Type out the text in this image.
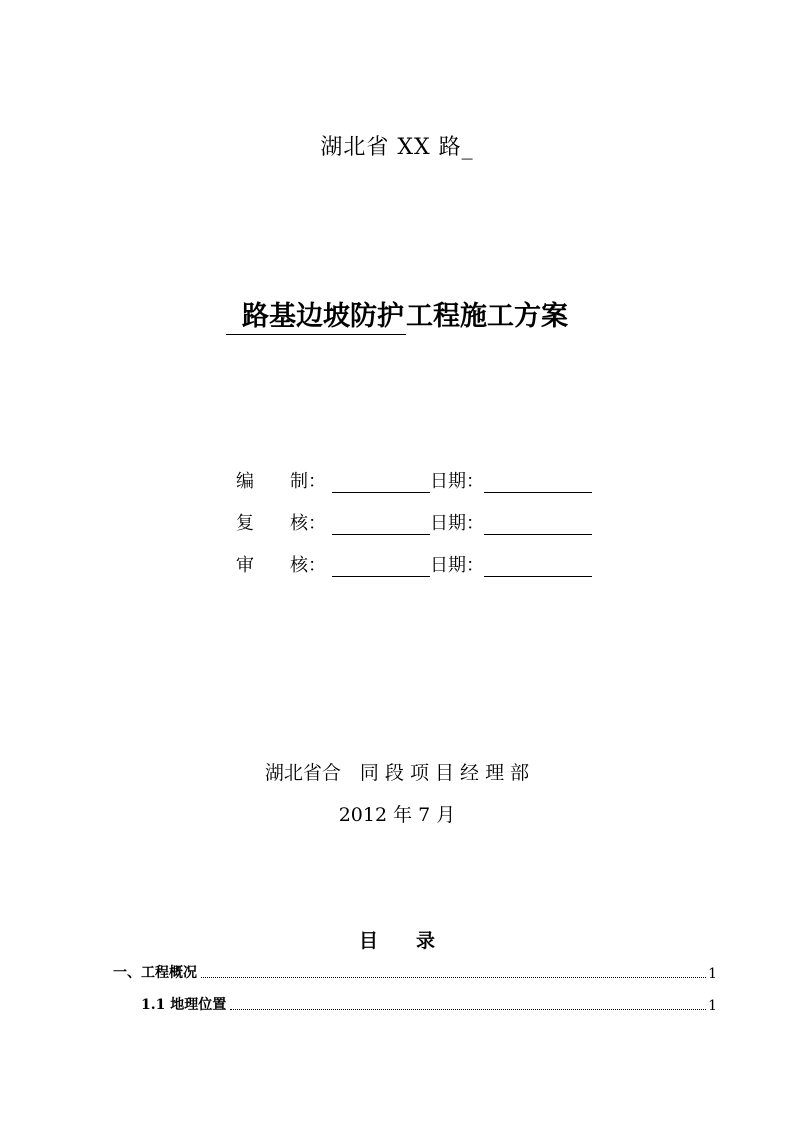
湖北省 XX 路_
路基边坡防护工程施工方案
编　　制：	日期：
复　　核：	日期：
审　　核：	日期：
湖北省合　同 段 项 目 经 理 部
2012 年 7 月
目　　录
一、工程概况	1
1.1 地理位置	1
